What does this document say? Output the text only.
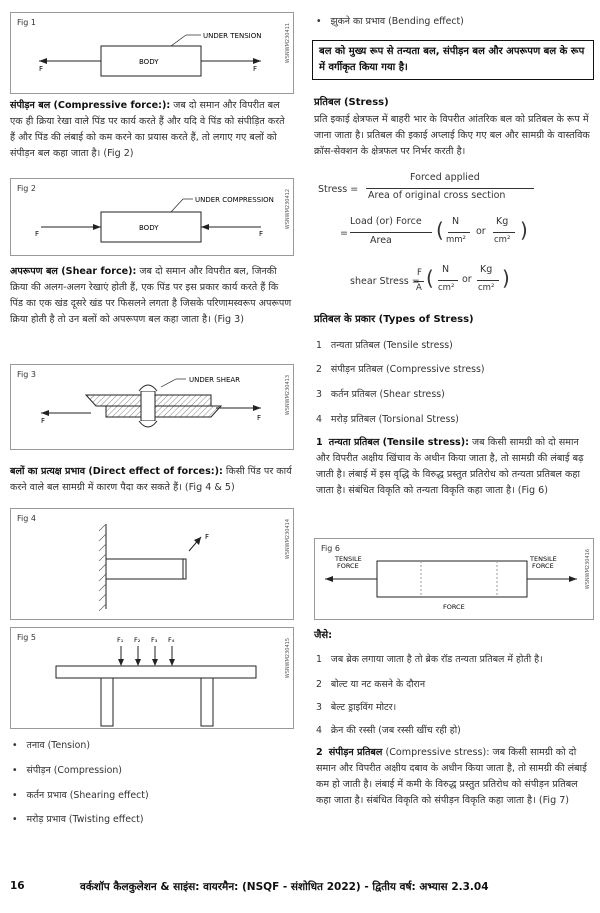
Fig 1
WSNWM230411
UNDER TENSION
BODY
F	F
संपीड़न बल (Compressive force:): जब दो समान और विपरीत बल एक ही क्रिया रेखा वाले पिंड पर कार्य करते हैं और यदि वे पिंड को संपीड़ित करते हैं और पिंड की लंबाई को कम करने का प्रयास करते हैं, तो लगाए गए बलों को संपीड़न बल कहा जाता है। (Fig 2)
Fig 2
WSNWM230412
UNDER COMPRESSION
BODY
F	F
अपरूपण बल (Shear force): जब दो समान और विपरीत बल, जिनकी क्रिया की अलग-अलग रेखाएं होती हैं, एक पिंड पर इस प्रकार कार्य करते हैं कि पिंड का एक खंड दूसरे खंड पर फिसलने लगता है जिसके परिणामस्वरूप अपरूपण क्रिया होती है तो उन बलों को अपरूपण बल कहा जाता है। (Fig 3)
Fig 3
WSNWM230413
F	F
UNDER SHEAR
बलों का प्रत्यक्ष प्रभाव (Direct effect of forces:): किसी पिंड पर कार्य करने वाले बल सामग्री में कारण पैदा कर सकते हैं। (Fig 4 & 5)
Fig 4
WSNWM230414
F
Fig 5
WSNWM230415
F₁ F₂ F₃ F₄
•   तनाव (Tension)
•   संपीड़न (Compression)
•   कर्तन प्रभाव (Shearing effect)
•   मरोड़ प्रभाव (Twisting effect)
•   झुकने का प्रभाव (Bending effect)
बल को मुख्य रूप से तन्यता बल, संपीड़न बल और अपरूपण बल के रूप में वर्गीकृत किया गया है।
प्रतिबल (Stress)
प्रति इकाई क्षेत्रफल में बाहरी भार के विपरीत आंतरिक बल को प्रतिबल के रूप में जाना जाता है। प्रतिबल की इकाई अप्लाई किए गए बल और सामग्री के वास्तविक क्रॉस-सेक्शन के क्षेत्रफल पर निर्भर करती है।
Stress =
Forced applied
Area of original cross section
=
Load (or) Force
Area ( N
mm²
or
Kg
cm² )
shear Stress =
F
A ( N
cm²
or
Kg
cm² )
प्रतिबल के प्रकार (Types of Stress)
1 तन्यता प्रतिबल (Tensile stress)
2 संपीड़न प्रतिबल (Compressive stress)
3 कर्तन प्रतिबल (Shear stress)
4 मरोड़ प्रतिबल (Torsional Stress)
1 तन्यता प्रतिबल (Tensile stress): जब किसी सामग्री को दो समान और विपरीत अक्षीय खिंचाव के अधीन किया जाता है, तो सामग्री की लंबाई बढ़ जाती है। लंबाई में इस वृद्धि के विरुद्ध प्रस्तुत प्रतिरोध को तन्यता प्रतिबल कहा जाता है। संबंधित विकृति को तन्यता विकृति कहा जाता है। (Fig 6)
Fig 6
WSNWM230416
TENSILE FORCE
TENSILE FORCE
FORCE
जैसे:
1 जब ब्रेक लगाया जाता है तो ब्रेक रॉड तन्यता प्रतिबल में होती है।
2 बोल्ट या नट कसने के दौरान
3 बेल्ट ड्राइविंग मोटर।
4 क्रेन की रस्सी (जब रस्सी खींच रही हो)
2 संपीड़न प्रतिबल (Compressive stress): जब किसी सामग्री को दो समान और विपरीत अक्षीय दबाव के अधीन किया जाता है, तो सामग्री की लंबाई कम हो जाती है। लंबाई में कमी के विरुद्ध प्रस्तुत प्रतिरोध को संपीड़न प्रतिबल कहा जाता है। संबंधित विकृति को संपीड़न विकृति कहा जाता है। (Fig 7)
16	वर्कशॉप कैलकुलेशन & साइंस: वायरमैन: (NSQF - संशोधित 2022) - द्वितीय वर्ष: अभ्यास 2.3.04
